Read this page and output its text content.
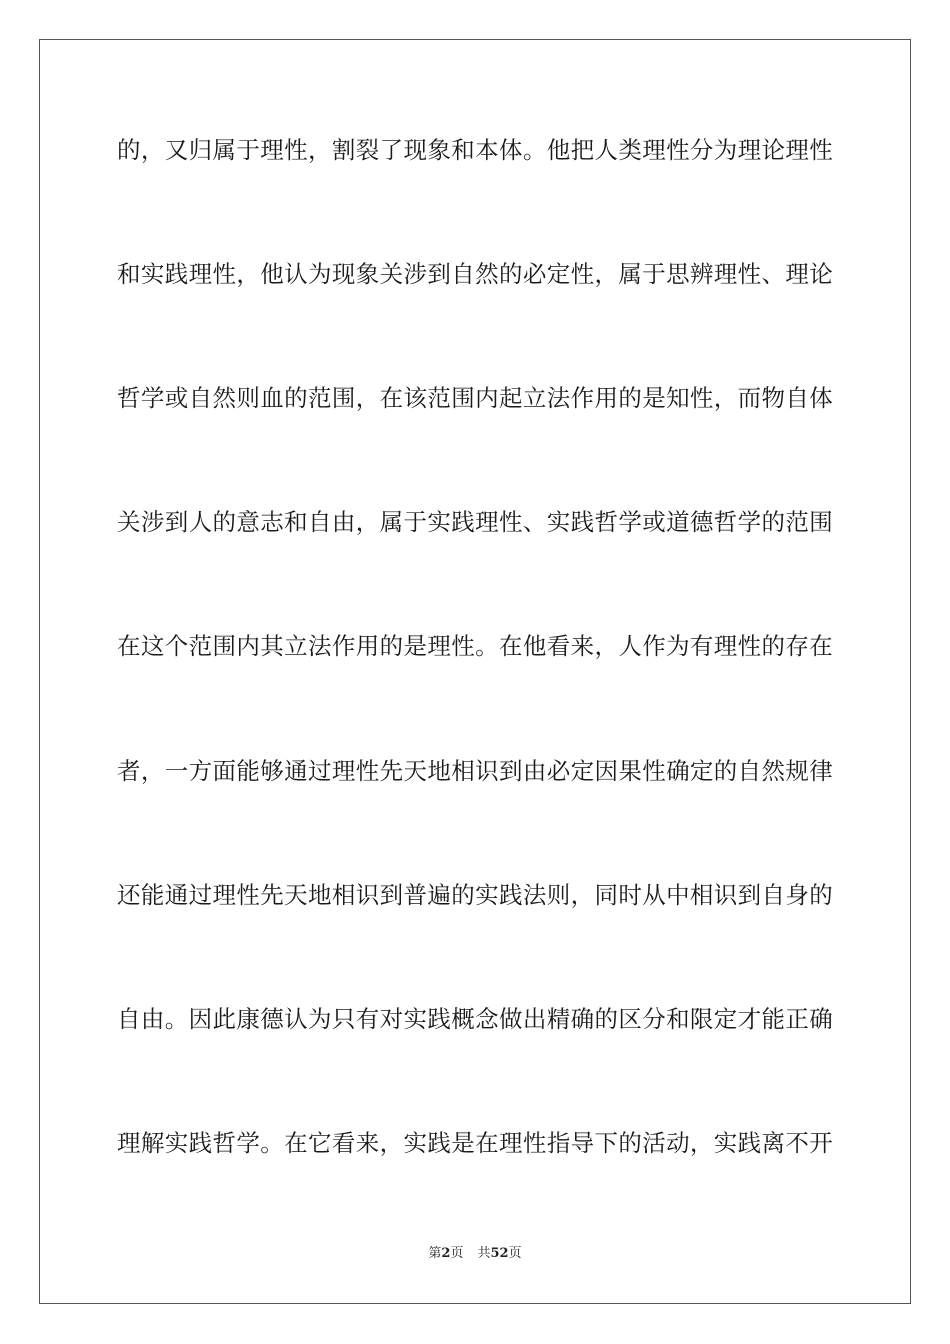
的，又归属于理性，割裂了现象和本体。他把人类理性分为理论理性
和实践理性，他认为现象关涉到自然的必定性，属于思辨理性、理论
哲学或自然则血的范围，在该范围内起立法作用的是知性，而物自体
关涉到人的意志和自由，属于实践理性、实践哲学或道德哲学的范围
在这个范围内其立法作用的是理性。在他看来，人作为有理性的存在
者，一方面能够通过理性先天地相识到由必定因果性确定的自然规律
还能通过理性先天地相识到普遍的实践法则，同时从中相识到自身的
自由。因此康德认为只有对实践概念做出精确的区分和限定才能正确
理解实践哲学。在它看来，实践是在理性指导下的活动，实践离不开
第2页 共52页
